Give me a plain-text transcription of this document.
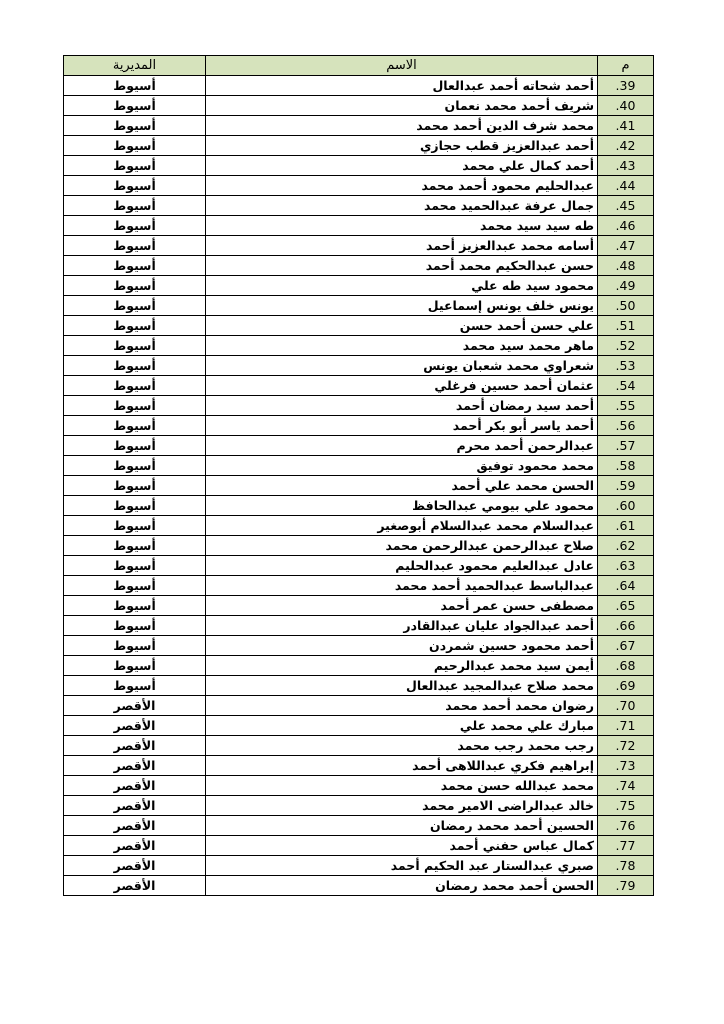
م	الاسم	المديرية
39.	أحمد شحاته أحمد عبدالعال	أسيوط
40.	شريف أحمد محمد نعمان	أسيوط
41.	محمد شرف الدين أحمد محمد	أسيوط
42.	أحمد عبدالعزيز قطب حجازي	أسيوط
43.	أحمد كمال علي محمد	أسيوط
44.	عبدالحليم محمود أحمد محمد	أسيوط
45.	جمال عرفة عبدالحميد محمد	أسيوط
46.	طه سيد سيد محمد	أسيوط
47.	أسامه محمد عبدالعزيز أحمد	أسيوط
48.	حسن عبدالحكيم محمد أحمد	أسيوط
49.	محمود سيد طه علي	أسيوط
50.	يونس خلف يونس إسماعيل	أسيوط
51.	علي حسن أحمد حسن	أسيوط
52.	ماهر محمد سيد محمد	أسيوط
53.	شعراوي محمد شعبان يونس	أسيوط
54.	عثمان أحمد حسين فرغلي	أسيوط
55.	أحمد سيد رمضان أحمد	أسيوط
56.	أحمد ياسر أبو بكر أحمد	أسيوط
57.	عبدالرحمن أحمد محرم	أسيوط
58.	محمد محمود توفيق	أسيوط
59.	الحسن محمد علي أحمد	أسيوط
60.	محمود علي بيومي عبدالحافظ	أسيوط
61.	عبدالسلام محمد عبدالسلام أبوصغير	أسيوط
62.	صلاح عبدالرحمن عبدالرحمن محمد	أسيوط
63.	عادل عبدالعليم محمود عبدالحليم	أسيوط
64.	عبدالباسط عبدالحميد أحمد محمد	أسيوط
65.	مصطفى حسن عمر أحمد	أسيوط
66.	أحمد عبدالجواد عليان عبدالقادر	أسيوط
67.	أحمد محمود حسين شمردن	أسيوط
68.	أيمن سيد محمد عبدالرحيم	أسيوط
69.	محمد صلاح عبدالمجيد عبدالعال	أسيوط
70.	رضوان محمد أحمد محمد	الأقصر
71.	مبارك علي محمد علي	الأقصر
72.	رجب محمد رجب محمد	الأقصر
73.	إبراهيم فكري عبداللاهى أحمد	الأقصر
74.	محمد عبدالله حسن محمد	الأقصر
75.	خالد عبدالراضى الامير محمد	الأقصر
76.	الحسين أحمد محمد رمضان	الأقصر
77.	كمال عباس حفني أحمد	الأقصر
78.	صبري عبدالستار عبد الحكيم أحمد	الأقصر
79.	الحسن أحمد محمد رمضان	الأقصر
